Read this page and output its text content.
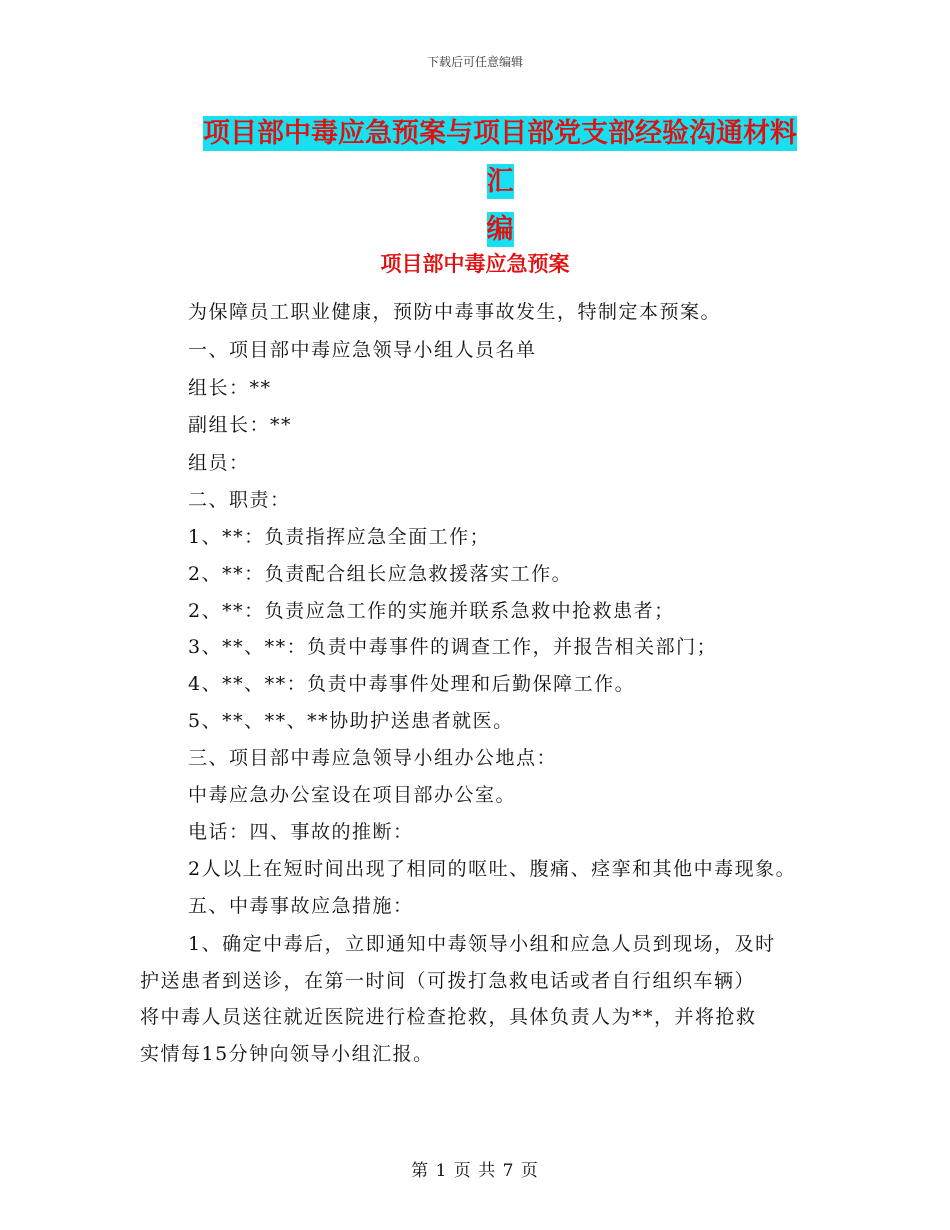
下载后可任意编辑
项目部中毒应急预案与项目部党支部经验沟通材料汇
编
项目部中毒应急预案
为保障员工职业健康，预防中毒事故发生，特制定本预案。
一、项目部中毒应急领导小组人员名单
组长：**
副组长：**
组员：
二、职责：
1、**：负责指挥应急全面工作；
2、**：负责配合组长应急救援落实工作。
2、**：负责应急工作的实施并联系急救中抢救患者；
3、**、**：负责中毒事件的调查工作，并报告相关部门；
4、**、**：负责中毒事件处理和后勤保障工作。
5、**、**、**协助护送患者就医。
三、项目部中毒应急领导小组办公地点：
中毒应急办公室设在项目部办公室。
电话：四、事故的推断：
2人以上在短时间出现了相同的呕吐、腹痛、痉挛和其他中毒现象。
五、中毒事故应急措施：
1、确定中毒后，立即通知中毒领导小组和应急人员到现场，及时
护送患者到送诊，在第一时间（可拨打急救电话或者自行组织车辆）
将中毒人员送往就近医院进行检查抢救，具体负责人为**，并将抢救
实情每15分钟向领导小组汇报。
第 1 页 共 7 页
